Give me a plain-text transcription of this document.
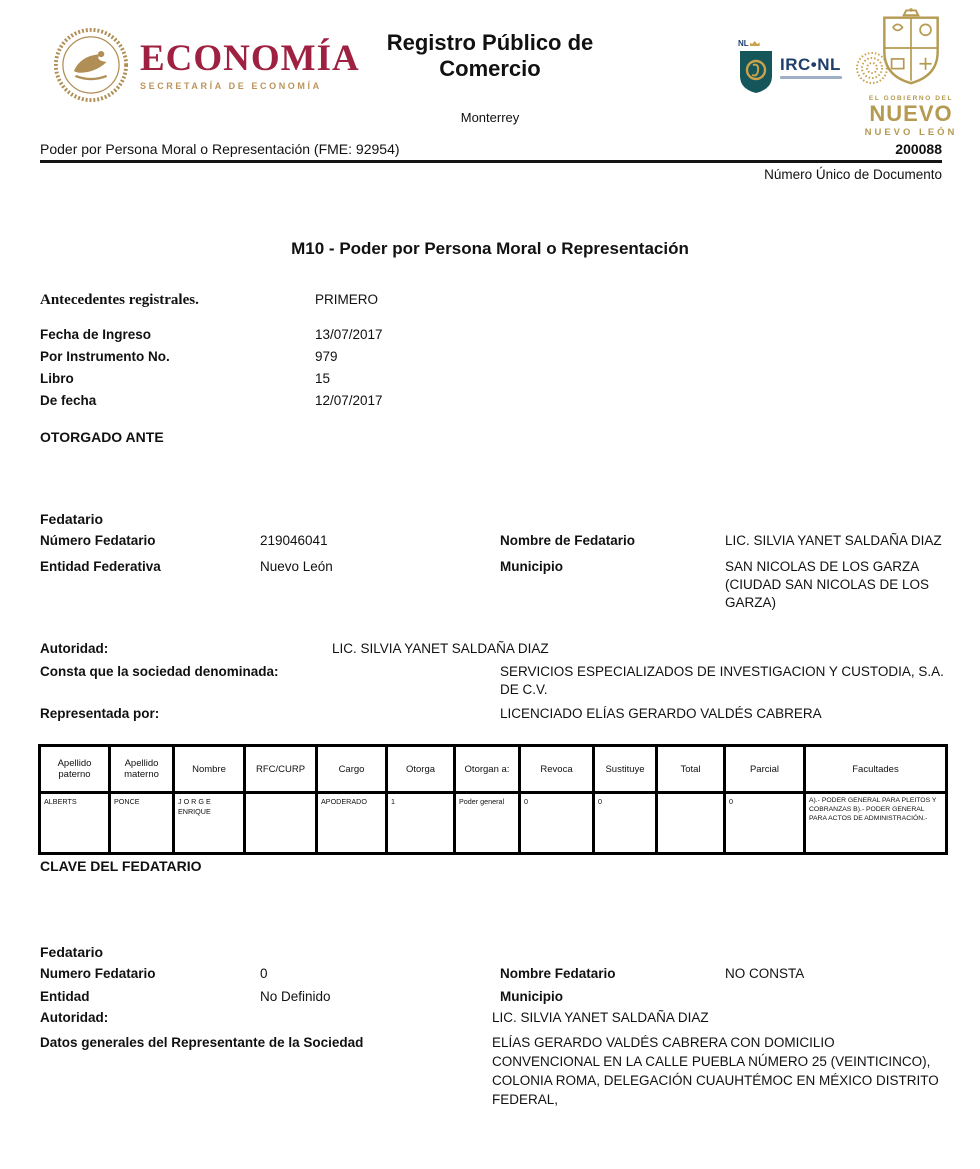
ECONOMÍA
SECRETARÍA DE ECONOMÍA
Registro Público de Comercio
Monterrey
NL
IRC•NL
EL GOBIERNO DEL
NUEVO
NUEVO LEÓN
Poder por Persona Moral o Representación (FME: 92954)	200088
Número Único de Documento
M10 - Poder por Persona Moral o Representación
Antecedentes registrales.	PRIMERO
Fecha de Ingreso	13/07/2017
Por Instrumento No.	979
Libro	15
De fecha	12/07/2017
OTORGADO ANTE
Fedatario
Número Fedatario	219046041	Nombre de Fedatario	LIC. SILVIA YANET SALDAÑA DIAZ
Entidad Federativa	Nuevo León	Municipio	SAN NICOLAS DE LOS GARZA (CIUDAD SAN NICOLAS DE LOS GARZA)
Autoridad:	LIC. SILVIA YANET SALDAÑA DIAZ
Consta que la sociedad denominada:	SERVICIOS ESPECIALIZADOS DE INVESTIGACION Y CUSTODIA, S.A. DE C.V.
Representada por:	LICENCIADO ELÍAS GERARDO VALDÉS CABRERA
Apellido paterno	Apellido materno	Nombre	RFC/CURP	Cargo	Otorga	Otorgan a:	Revoca	Sustituye	Total	Parcial	Facultades
ALBERTS	PONCE	J O R G E ENRIQUE		APODERADO	1	Poder general	0	0		0	A).- PODER GENERAL PARA PLEITOS Y COBRANZAS B).- PODER GENERAL PARA ACTOS DE ADMINISTRACIÓN.-
CLAVE DEL FEDATARIO
Fedatario
Numero Fedatario	0	Nombre Fedatario	NO CONSTA
Entidad	No Definido	Municipio
Autoridad:	LIC. SILVIA YANET SALDAÑA DIAZ
Datos generales del Representante de la Sociedad	ELÍAS GERARDO VALDÉS CABRERA CON DOMICILIO CONVENCIONAL EN LA CALLE PUEBLA NÚMERO 25 (VEINTICINCO), COLONIA ROMA, DELEGACIÓN CUAUHTÉMOC EN MÉXICO DISTRITO FEDERAL,
